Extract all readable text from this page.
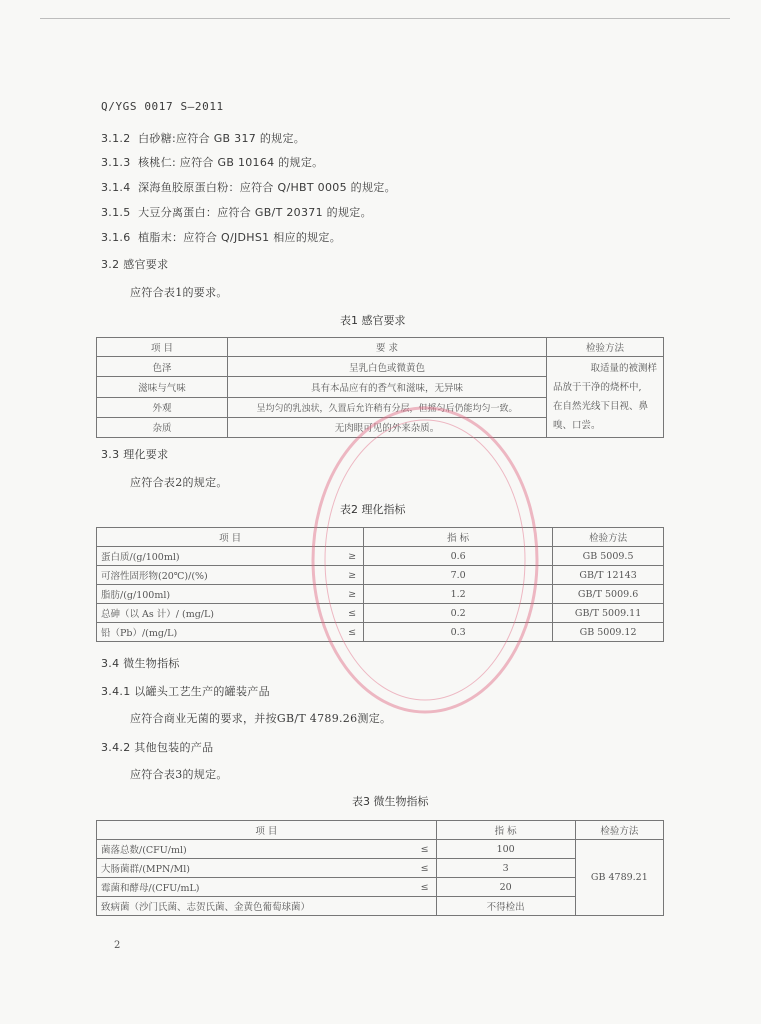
Q/YGS 0017 S—2011
3.1.2 白砂糖:应符合 GB 317 的规定。
3.1.3 核桃仁: 应符合 GB 10164 的规定。
3.1.4 深海鱼胶原蛋白粉：应符合 Q/HBT 0005 的规定。
3.1.5 大豆分离蛋白：应符合 GB/T 20371 的规定。
3.1.6 植脂末：应符合 Q/JDHS1 相应的规定。
3.2 感官要求
应符合表1的要求。
表1 感官要求
项 目	要 求	检验方法
色泽	呈乳白色或微黄色	取适量的被测样
品放于干净的烧杯中,
在自然光线下目视、鼻
嗅、口尝。

滋味与气味	具有本品应有的香气和滋味，无异味	
外观	呈均匀的乳浊状，久置后允许稍有分层，但摇匀后仍能均匀一致。	
杂质	无肉眼可见的外来杂质。	
3.3 理化要求
应符合表2的规定。
表2 理化指标
项 目		指 标	检验方法
蛋白质/(g/100ml)	≥	0.6	GB 5009.5
可溶性固形物(20℃)/(%)	≥	7.0	GB/T 12143
脂肪/(g/100ml)	≥	1.2	GB/T 5009.6
总砷（以 As 计）/ (mg/L)	≤	0.2	GB/T 5009.11
铅（Pb）/(mg/L)	≤	0.3	GB 5009.12
3.4 微生物指标
3.4.1 以罐头工艺生产的罐装产品
应符合商业无菌的要求，并按GB/T 4789.26测定。
3.4.2 其他包装的产品
应符合表3的规定。
表3 微生物指标
项 目		指 标	检验方法
菌落总数/(CFU/ml)	≤	100	GB 4789.21
大肠菌群/(MPN/Ml)	≤	3	
霉菌和酵母/(CFU/mL)	≤	20	
致病菌（沙门氏菌、志贺氏菌、金黄色葡萄球菌）		不得检出	
2
